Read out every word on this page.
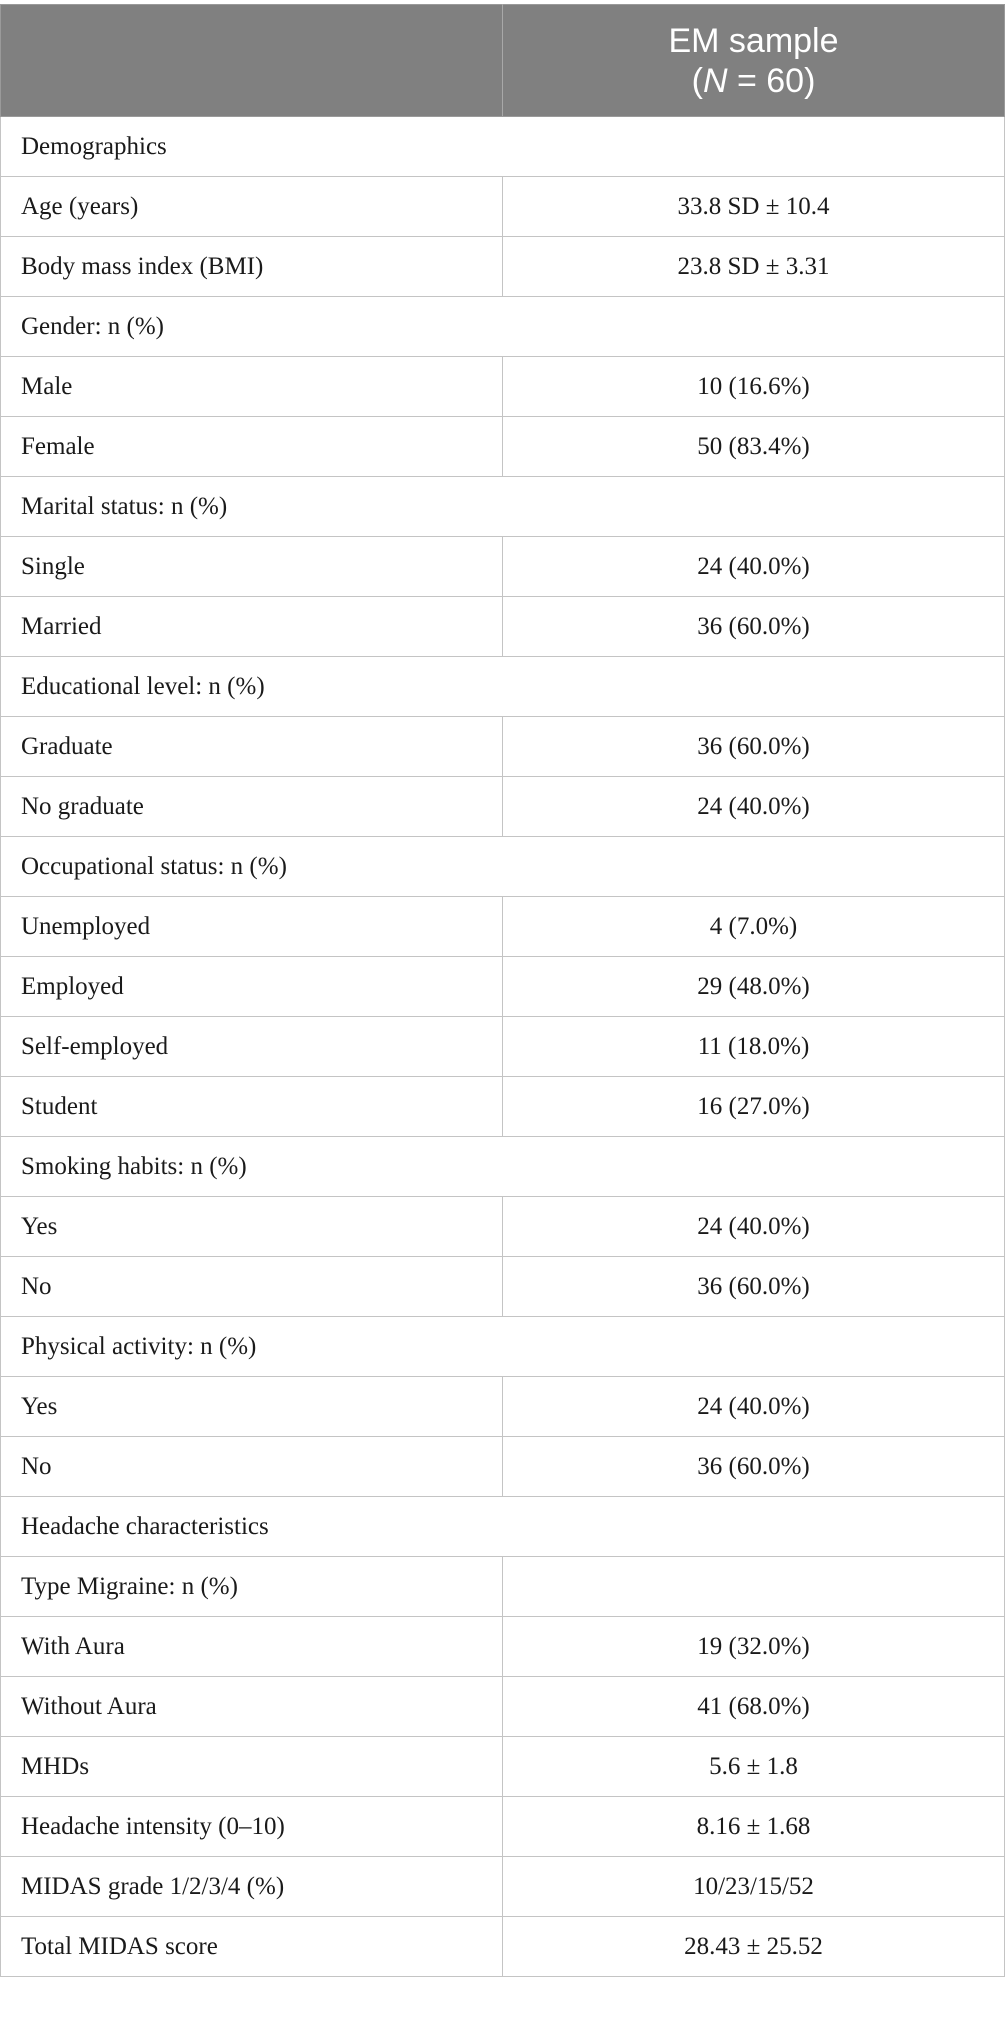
	EM sample
(N = 60)

Demographics	
Age (years)	33.8 SD ± 10.4
Body mass index (BMI)	23.8 SD ± 3.31
Gender: n (%)	
Male	10 (16.6%)
Female	50 (83.4%)
Marital status: n (%)	
Single	24 (40.0%)
Married	36 (60.0%)
Educational level: n (%)	
Graduate	36 (60.0%)
No graduate	24 (40.0%)
Occupational status: n (%)	
Unemployed	4 (7.0%)
Employed	29 (48.0%)
Self-employed	11 (18.0%)
Student	16 (27.0%)
Smoking habits: n (%)	
Yes	24 (40.0%)
No	36 (60.0%)
Physical activity: n (%)	
Yes	24 (40.0%)
No	36 (60.0%)
Headache characteristics	
Type Migraine: n (%)	
With Aura	19 (32.0%)
Without Aura	41 (68.0%)
MHDs	5.6 ± 1.8
Headache intensity (0–10)	8.16 ± 1.68
MIDAS grade 1/2/3/4 (%)	10/23/15/52
Total MIDAS score	28.43 ± 25.52
